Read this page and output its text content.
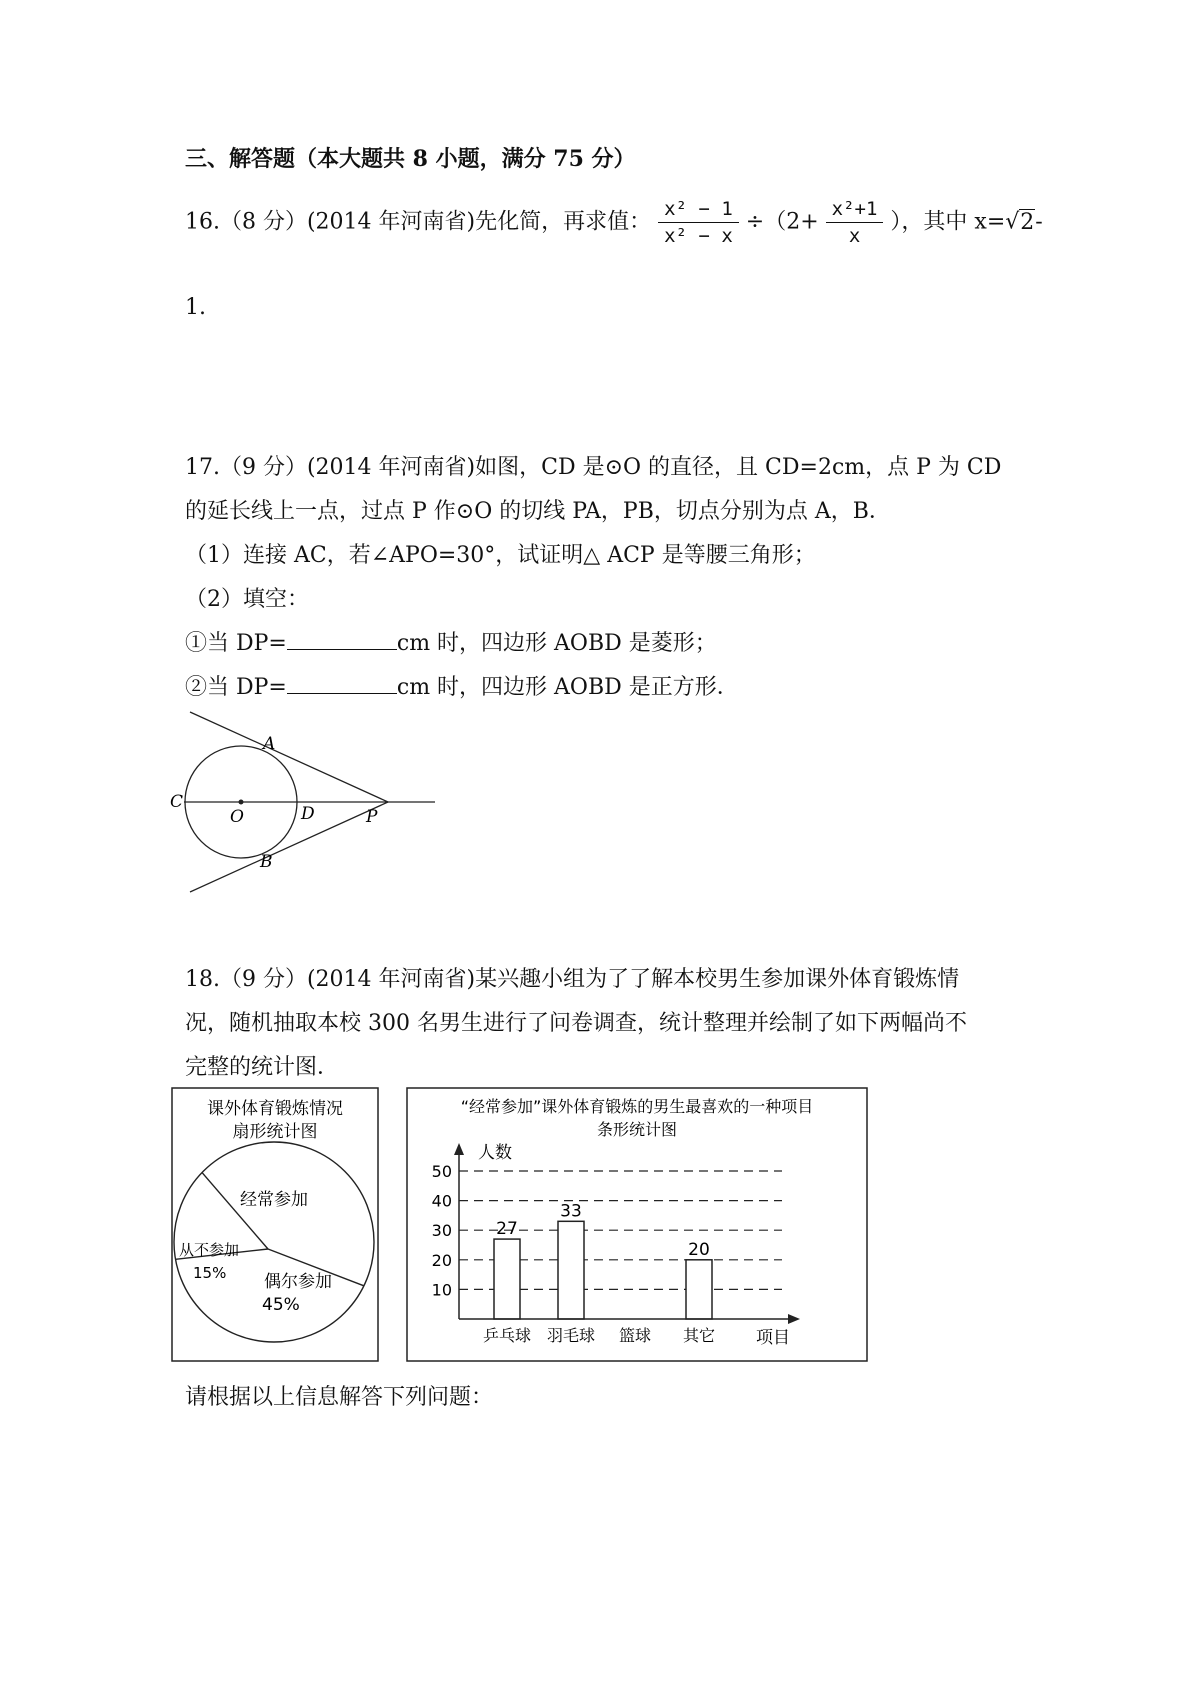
三、解答题（本大题共 8 小题，满分 75 分）
16.（8 分）(2014 年河南省)先化简，再求值： $\frac{\text{x² − 1}}{\text{x² − x}} \div(2+ \frac{\text{x²+1}}{x}$ ），其中 x=√2-
1.
17.（9 分）(2014 年河南省)如图，CD 是⊙O 的直径，且 CD=2cm，点 P 为 CD
的延长线上一点，过点 P 作⊙O 的切线 PA，PB，切点分别为点 A，B．
（1）连接 AC，若∠APO=30°，试证明△ ACP 是等腰三角形；
（2）填空：
①当 DP=	cm 时，四边形 AOBD 是菱形；
②当 DP=	cm 时，四边形 AOBD 是正方形．
A
B
C
O	D	P
18.（9 分）(2014 年河南省)某兴趣小组为了了解本校男生参加课外体育锻炼情
况，随机抽取本校 300 名男生进行了问卷调查，统计整理并绘制了如下两幅尚不
完整的统计图．
课外体育锻炼情况
扇形统计图
经常参加
从不参加
15% 偶尔参加
45%
“经常参加”课外体育锻炼的男生最喜欢的一种项目
条形统计图
人数
项目
10
20
30
40
50
27
乒乓球
33
羽毛球 篮球
20
其它
请根据以上信息解答下列问题：
